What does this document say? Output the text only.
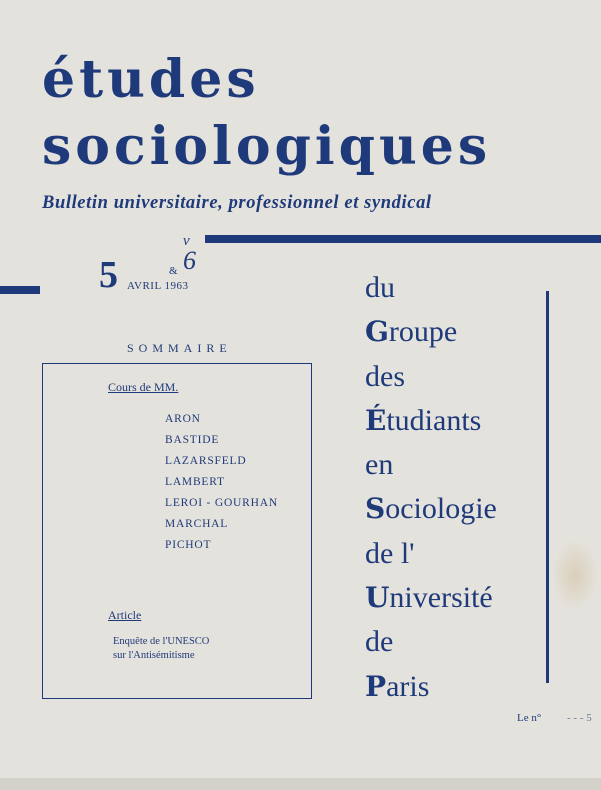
études
sociologiques
Bulletin universitaire, professionnel et syndical
5 AVRIL 1963
&
v
6
SOMMAIRE
Cours de MM.
ARON
BASTIDE
LAZARSFELD
LAMBERT
LEROI - GOURHAN
MARCHAL
PICHOT
Article
Enquête de l'UNESCO
sur l'Antisémitisme
du
Groupe
des
Étudiants
en
Sociologie
de l'
Université
de
Paris
Le n° - - - 5
